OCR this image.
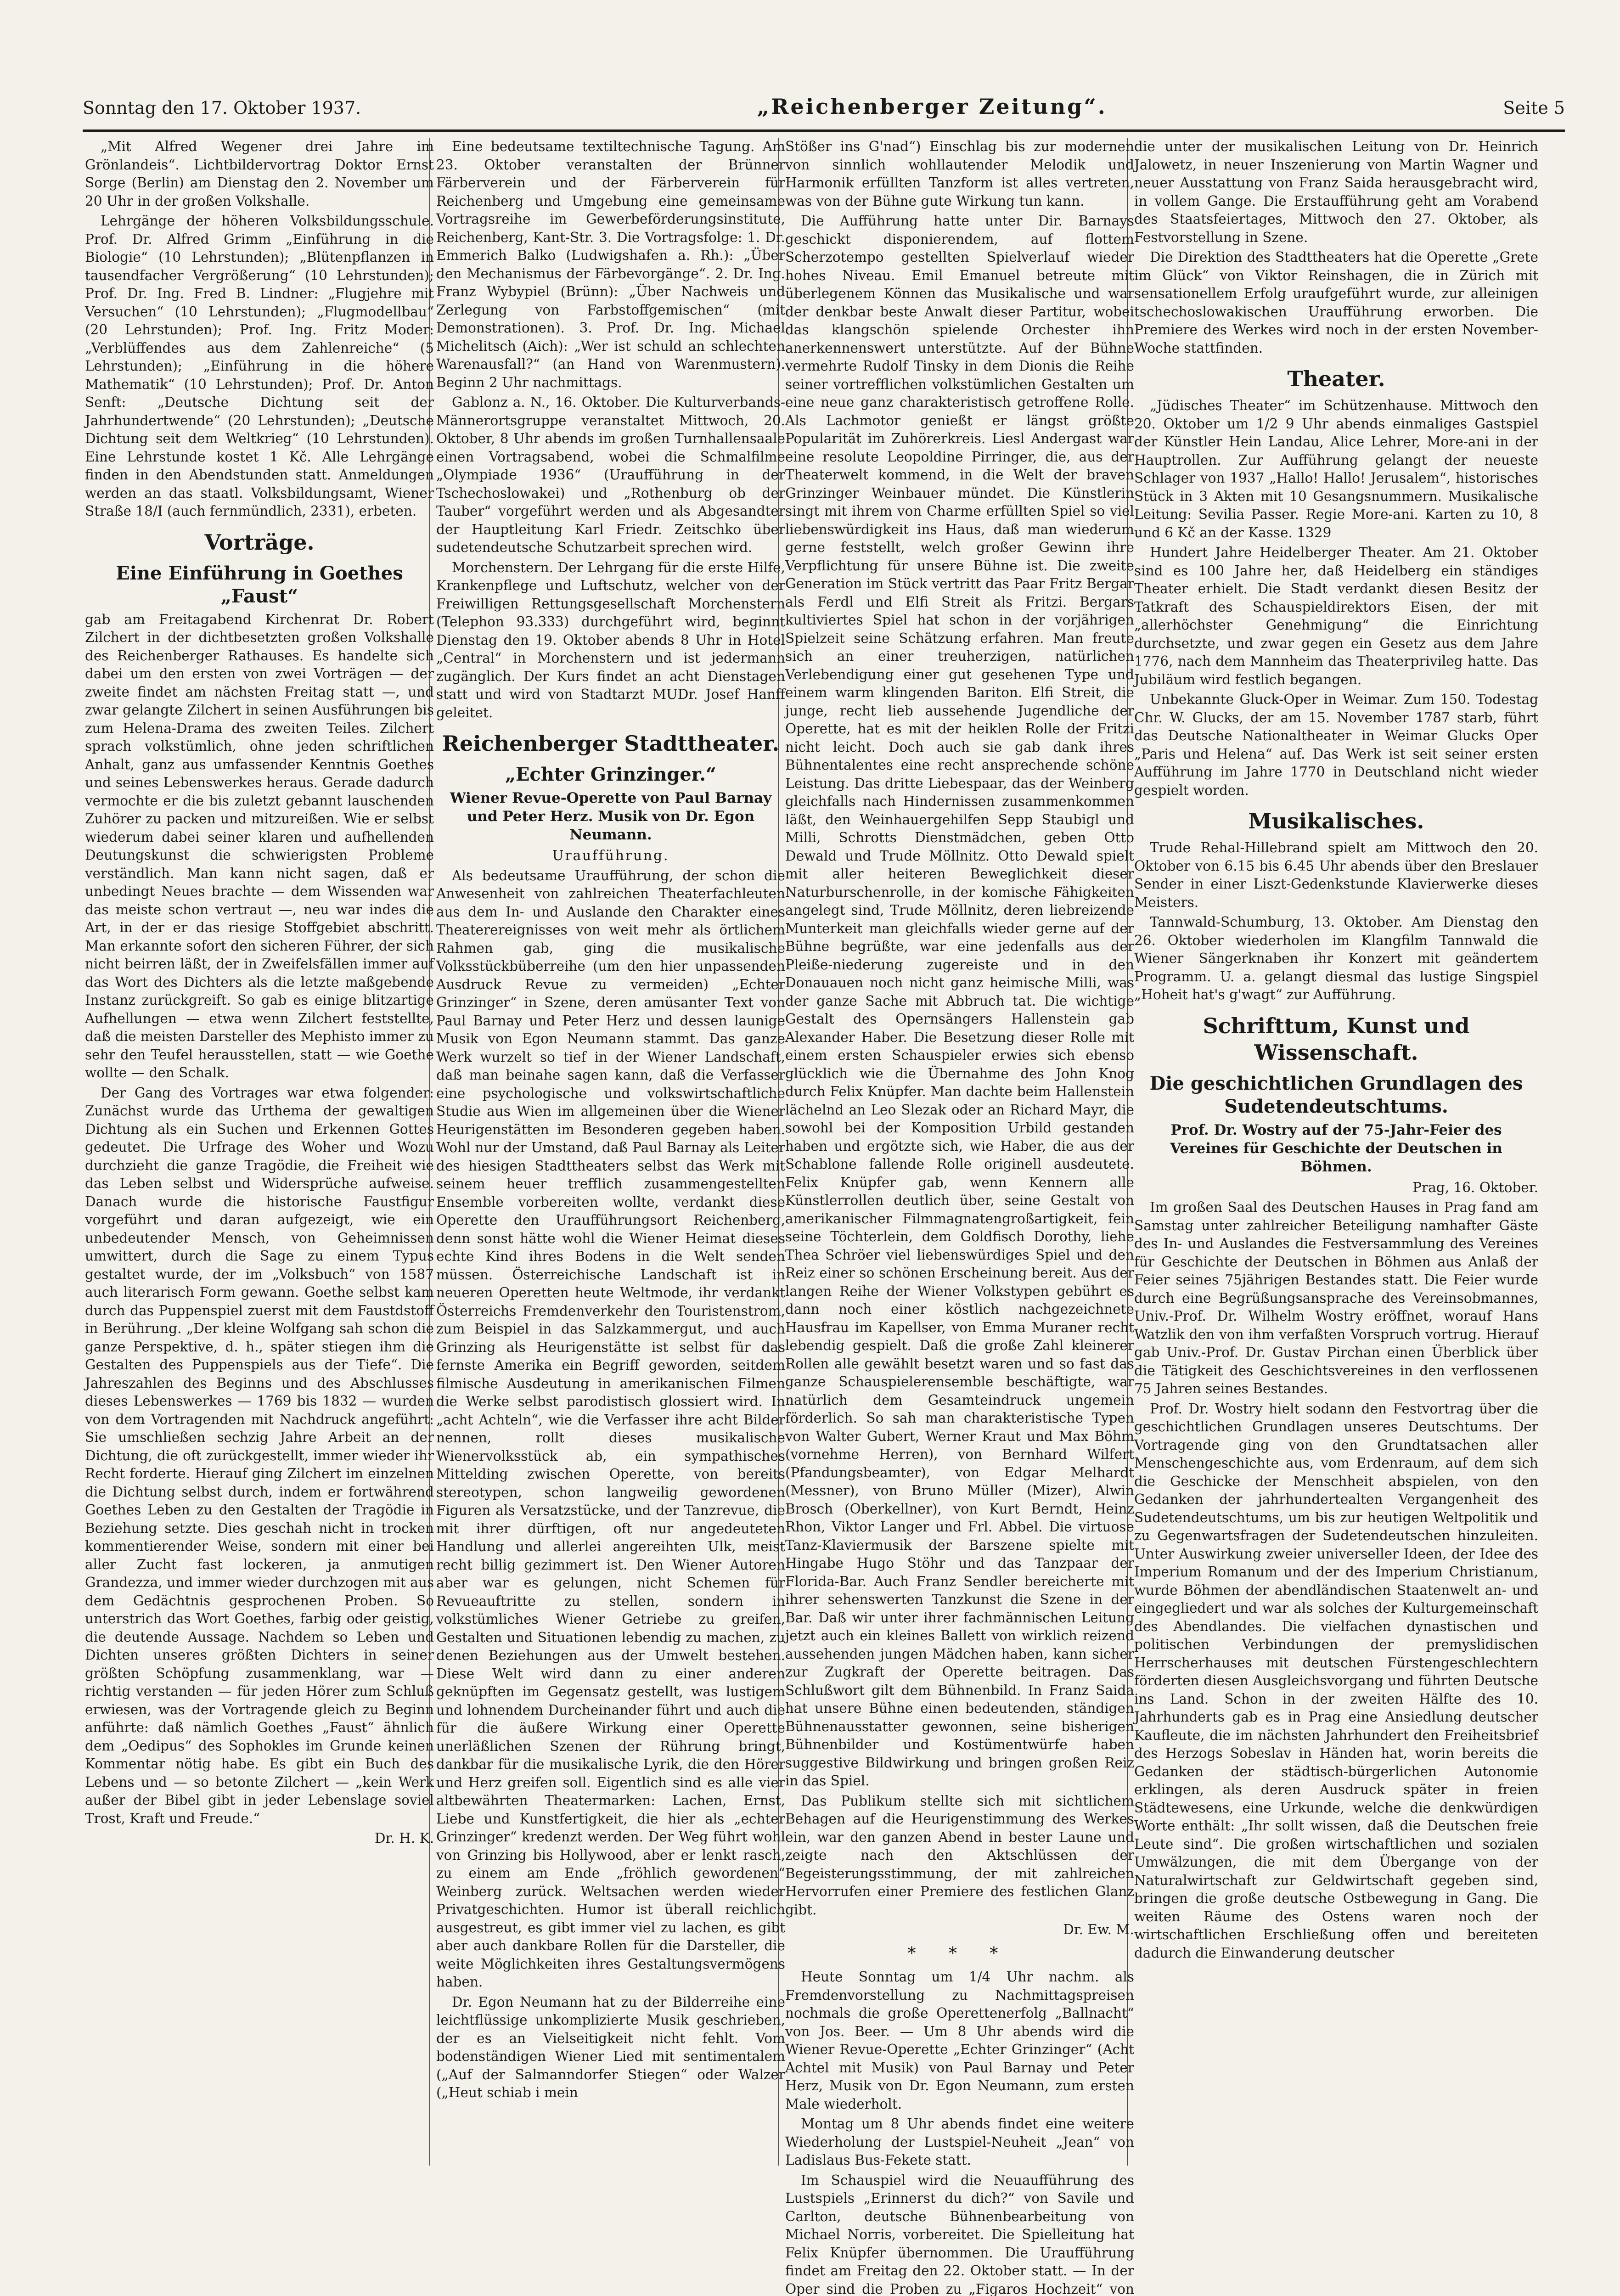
Sonntag den 17. Oktober 1937.	„Reichenberger Zeitung“.	Seite 5

„Mit Alfred Wegener drei Jahre im Grönlandeis“. Lichtbildervortrag Doktor Ernst Sorge (Berlin) am Dienstag den 2. November um 20 Uhr in der großen Volkshalle.

Lehrgänge der höheren Volksbildungsschule. Prof. Dr. Alfred Grimm „Einführung in die Biologie“ (10 Lehrstunden); „Blütenpflanzen in tausendfacher Vergrößerung“ (10 Lehrstunden); Prof. Dr. Ing. Fred B. Lindner: „Flugjehre mit Versuchen“ (10 Lehrstunden); „Flugmodellbau“ (20 Lehrstunden); Prof. Ing. Fritz Moder: „Verblüffendes aus dem Zahlenreiche“ (5 Lehrstunden); „Einführung in die höhere Mathematik“ (10 Lehrstunden); Prof. Dr. Anton Senft: „Deutsche Dichtung seit der Jahrhundertwende“ (20 Lehrstunden); „Deutsche Dichtung seit dem Weltkrieg“ (10 Lehrstunden). Eine Lehrstunde kostet 1 Kč. Alle Lehrgänge finden in den Abendstunden statt. Anmeldungen werden an das staatl. Volksbildungsamt, Wiener Straße 18/I (auch fernmündlich, 2331), erbeten.

Vorträge.
Eine Einführung in Goethes „Faust“

gab am Freitagabend Kirchenrat Dr. Robert Zilchert in der dichtbesetzten großen Volkshalle des Reichenberger Rathauses. Es handelte sich dabei um den ersten von zwei Vorträgen — der zweite findet am nächsten Freitag statt —, und zwar gelangte Zilchert in seinen Ausführungen bis zum Helena-Drama des zweiten Teiles. Zilchert sprach volkstümlich, ohne jeden schriftlichen Anhalt, ganz aus umfassender Kenntnis Goethes und seines Lebenswerkes heraus. Gerade dadurch vermochte er die bis zuletzt gebannt lauschenden Zuhörer zu packen und mitzureißen. Wie er selbst wiederum dabei seiner klaren und aufhellenden Deutungskunst die schwierigsten Probleme verständlich. Man kann nicht sagen, daß er unbedingt Neues brachte — dem Wissenden war das meiste schon vertraut —, neu war indes die Art, in der er das riesige Stoffgebiet abschritt. Man erkannte sofort den sicheren Führer, der sich nicht beirren läßt, der in Zweifelsfällen immer auf das Wort des Dichters als die letzte maßgebende Instanz zurückgreift. So gab es einige blitzartige Aufhellungen — etwa wenn Zilchert feststellte, daß die meisten Darsteller des Mephisto immer zu sehr den Teufel herausstellen, statt — wie Goethe wollte — den Schalk.

Der Gang des Vortrages war etwa folgender: Zunächst wurde das Urthema der gewaltigen Dichtung als ein Suchen und Erkennen Gottes gedeutet. Die Urfrage des Woher und Wozu durchzieht die ganze Tragödie, die Freiheit wie das Leben selbst und Widersprüche aufweise. Danach wurde die historische Faustfigur vorgeführt und daran aufgezeigt, wie ein unbedeutender Mensch, von Geheimnissen umwittert, durch die Sage zu einem Typus gestaltet wurde, der im „Volksbuch“ von 1587 auch literarisch Form gewann. Goethe selbst kam durch das Puppenspiel zuerst mit dem Faustdstoff in Berührung. „Der kleine Wolfgang sah schon die ganze Perspektive, d. h., später stiegen ihm die Gestalten des Puppenspiels aus der Tiefe“. Die Jahreszahlen des Beginns und des Abschlusses dieses Lebenswerkes — 1769 bis 1832 — wurden von dem Vortragenden mit Nachdruck angeführt: Sie umschließen sechzig Jahre Arbeit an der Dichtung, die oft zurückgestellt, immer wieder ihr Recht forderte. Hierauf ging Zilchert im einzelnen die Dichtung selbst durch, indem er fortwährend Goethes Leben zu den Gestalten der Tragödie in Beziehung setzte. Dies geschah nicht in trocken kommentierender Weise, sondern mit einer bei aller Zucht fast lockeren, ja anmutigen Grandezza, und immer wieder durchzogen mit aus dem Gedächtnis gesprochenen Proben. So unterstrich das Wort Goethes, farbig oder geistig, die deutende Aussage. Nachdem so Leben und Dichten unseres größten Dichters in seiner größten Schöpfung zusammenklang, war — richtig verstanden — für jeden Hörer zum Schluß erwiesen, was der Vortragende gleich zu Beginn anführte: daß nämlich Goethes „Faust“ ähnlich dem „Oedipus“ des Sophokles im Grunde keinen Kommentar nötig habe. Es gibt ein Buch des Lebens und — so betonte Zilchert — „kein Werk außer der Bibel gibt in jeder Lebenslage soviel Trost, Kraft und Freude.“

Dr. H. K.

Eine bedeutsame textiltechnische Tagung. Am 23. Oktober veranstalten der Brünner Färberverein und der Färberverein für Reichenberg und Umgebung eine gemeinsame Vortragsreihe im Gewerbeförderungsinstitute, Reichenberg, Kant-Str. 3. Die Vortragsfolge: 1. Dr. Emmerich Balko (Ludwigshafen a. Rh.): „Über den Mechanismus der Färbevorgänge“. 2. Dr. Ing. Franz Wybypiel (Brünn): „Über Nachweis und Zerlegung von Farbstoffgemischen“ (mit Demonstrationen). 3. Prof. Dr. Ing. Michael Michelitsch (Aich): „Wer ist schuld an schlechten Warenausfall?“ (an Hand von Warenmustern). Beginn 2 Uhr nachmittags.

Gablonz a. N., 16. Oktober. Die Kulturverbands-Männerortsgruppe veranstaltet Mittwoch, 20. Oktober, 8 Uhr abends im großen Turnhallensaale einen Vortragsabend, wobei die Schmalfilme „Olympiade 1936“ (Uraufführung in der Tschechoslowakei) und „Rothenburg ob der Tauber“ vorgeführt werden und als Abgesandter der Hauptleitung Karl Friedr. Zeitschko über sudetendeutsche Schutzarbeit sprechen wird.

Morchenstern. Der Lehrgang für die erste Hilfe, Krankenpflege und Luftschutz, welcher von der Freiwilligen Rettungsgesellschaft Morchenstern (Telephon 93.333) durchgeführt wird, beginnt Dienstag den 19. Oktober abends 8 Uhr in Hotel „Central“ in Morchenstern und ist jedermann zugänglich. Der Kurs findet an acht Dienstagen statt und wird von Stadtarzt MUDr. Josef Hanff geleitet.

Reichenberger Stadttheater.
„Echter Grinzinger.“
Wiener Revue-Operette von Paul Barnay und Peter Herz. Musik von Dr. Egon Neumann.

Uraufführung.

Als bedeutsame Uraufführung, der schon die Anwesenheit von zahlreichen Theaterfachleuten aus dem In- und Auslande den Charakter eines Theaterereignisses von weit mehr als örtlichem Rahmen gab, ging die musikalische Volksstückbüberreihe (um den hier unpassenden Ausdruck Revue zu vermeiden) „Echter Grinzinger“ in Szene, deren amüsanter Text von Paul Barnay und Peter Herz und dessen launige Musik von Egon Neumann stammt. Das ganze Werk wurzelt so tief in der Wiener Landschaft, daß man beinahe sagen kann, daß die Verfasser eine psychologische und volkswirtschaftliche Studie aus Wien im allgemeinen über die Wiener Heurigenstätten im Besonderen gegeben haben. Wohl nur der Umstand, daß Paul Barnay als Leiter des hiesigen Stadttheaters selbst das Werk mit seinem heuer trefflich zusammengestellten Ensemble vorbereiten wollte, verdankt diese Operette den Uraufführungsort Reichenberg, denn sonst hätte wohl die Wiener Heimat dieses echte Kind ihres Bodens in die Welt senden müssen. Österreichische Landschaft ist in neueren Operetten heute Weltmode, ihr verdankt Österreichs Fremdenverkehr den Touristenstrom, zum Beispiel in das Salzkammergut, und auch Grinzing als Heurigenstätte ist selbst für das fernste Amerika ein Begriff geworden, seitdem filmische Ausdeutung in amerikanischen Filmen die Werke selbst parodistisch glossiert wird. In „acht Achteln“, wie die Verfasser ihre acht Bilder nennen, rollt dieses musikalische Wienervolksstück ab, ein sympathisches Mittelding zwischen Operette, von bereits stereotypen, schon langweilig gewordenen Figuren als Versatzstücke, und der Tanzrevue, die mit ihrer dürftigen, oft nur angedeuteten Handlung und allerlei angereihten Ulk, meist recht billig gezimmert ist. Den Wiener Autoren aber war es gelungen, nicht Schemen für Revueauftritte zu stellen, sondern in volkstümliches Wiener Getriebe zu greifen, Gestalten und Situationen lebendig zu machen, zu denen Beziehungen aus der Umwelt bestehen. Diese Welt wird dann zu einer anderen geknüpften im Gegensatz gestellt, was lustigem und lohnendem Durcheinander führt und auch die für die äußere Wirkung einer Operette unerläßlichen Szenen der Rührung bringt, dankbar für die musikalische Lyrik, die den Hörer und Herz greifen soll. Eigentlich sind es alle vier altbewährten Theatermarken: Lachen, Ernst, Liebe und Kunstfertigkeit, die hier als „echter Grinzinger“ kredenzt werden. Der Weg führt wohl von Grinzing bis Hollywood, aber er lenkt rasch, zu einem am Ende „fröhlich gewordenen“ Weinberg zurück. Weltsachen werden wieder Privatgeschichten. Humor ist überall reichlich ausgestreut, es gibt immer viel zu lachen, es gibt aber auch dankbare Rollen für die Darsteller, die weite Möglichkeiten ihres Gestaltungsvermögens haben.

Dr. Egon Neumann hat zu der Bilderreihe eine leichtflüssige unkomplizierte Musik geschrieben, der es an Vielseitigkeit nicht fehlt. Vom bodenständigen Wiener Lied mit sentimentalem („Auf der Salmanndorfer Stiegen“ oder Walzer („Heut schiab i mein

Stößer ins G'nad“) Einschlag bis zur modernen von sinnlich wohllautender Melodik und Harmonik erfüllten Tanzform ist alles vertreten, was von der Bühne gute Wirkung tun kann.

Die Aufführung hatte unter Dir. Barnays geschickt disponierendem, auf flottem Scherzotempo gestellten Spielverlauf wieder hohes Niveau. Emil Emanuel betreute mit überlegenem Können das Musikalische und war der denkbar beste Anwalt dieser Partitur, wobei das klangschön spielende Orchester ihn anerkennenswert unterstützte. Auf der Bühne vermehrte Rudolf Tinsky in dem Dionis die Reihe seiner vortrefflichen volkstümlichen Gestalten um eine neue ganz charakteristisch getroffene Rolle. Als Lachmotor genießt er längst größte Popularität im Zuhörerkreis. Liesl Andergast war eine resolute Leopoldine Pirringer, die, aus der Theaterwelt kommend, in die Welt der braven Grinzinger Weinbauer mündet. Die Künstlerin singt mit ihrem von Charme erfüllten Spiel so viel liebenswürdigkeit ins Haus, daß man wiederum gerne feststellt, welch großer Gewinn ihre Verpflichtung für unsere Bühne ist. Die zweite Generation im Stück vertritt das Paar Fritz Bergar als Ferdl und Elfi Streit als Fritzi. Bergars kultiviertes Spiel hat schon in der vorjährigen Spielzeit seine Schätzung erfahren. Man freute sich an einer treuherzigen, natürlichen Verlebendigung einer gut gesehenen Type und einem warm klingenden Bariton. Elfi Streit, die junge, recht lieb aussehende Jugendliche der Operette, hat es mit der heiklen Rolle der Fritzi nicht leicht. Doch auch sie gab dank ihres Bühnentalentes eine recht ansprechende schöne Leistung. Das dritte Liebespaar, das der Weinberg gleichfalls nach Hindernissen zusammenkommen läßt, den Weinhauergehilfen Sepp Staubigl und Milli, Schrotts Dienstmädchen, geben Otto Dewald und Trude Möllnitz. Otto Dewald spielt mit aller heiteren Beweglichkeit dieser Naturburschenrolle, in der komische Fähigkeiten angelegt sind, Trude Möllnitz, deren liebreizende Munterkeit man gleichfalls wieder gerne auf der Bühne begrüßte, war eine jedenfalls aus der Pleiße-niederung zugereiste und in den Donauauen noch nicht ganz heimische Milli, was der ganze Sache mit Abbruch tat. Die wichtige Gestalt des Opernsängers Hallenstein gab Alexander Haber. Die Besetzung dieser Rolle mit einem ersten Schauspieler erwies sich ebenso glücklich wie die Übernahme des John Knog durch Felix Knüpfer. Man dachte beim Hallenstein lächelnd an Leo Slezak oder an Richard Mayr, die sowohl bei der Komposition Urbild gestanden haben und ergötzte sich, wie Haber, die aus der Schablone fallende Rolle originell ausdeutete. Felix Knüpfer gab, wenn Kennern alle Künstlerrollen deutlich über, seine Gestalt von amerikanischer Filmmagnatengroßartigkeit, fein seine Töchterlein, dem Goldfisch Dorothy, liehe Thea Schröer viel liebenswürdiges Spiel und den Reiz einer so schönen Erscheinung bereit. Aus der langen Reihe der Wiener Volkstypen gebührt es dann noch einer köstlich nachgezeichnete Hausfrau im Kapellser, von Emma Muraner recht lebendig gespielt. Daß die große Zahl kleinerer Rollen alle gewählt besetzt waren und so fast das ganze Schauspielerensemble beschäftigte, war natürlich dem Gesamteindruck ungemein förderlich. So sah man charakteristische Typen von Walter Gubert, Werner Kraut und Max Böhm (vornehme Herren), von Bernhard Wilfert (Pfandungsbeamter), von Edgar Melhardt (Messner), von Bruno Müller (Mizer), Alwin Brosch (Oberkellner), von Kurt Berndt, Heinz Rhon, Viktor Langer und Frl. Abbel. Die virtuose Tanz-Klaviermusik der Barszene spielte mit Hingabe Hugo Stöhr und das Tanzpaar der Florida-Bar. Auch Franz Sendler bereicherte mit ihrer sehenswerten Tanzkunst die Szene in der Bar. Daß wir unter ihrer fachmännischen Leitung jetzt auch ein kleines Ballett von wirklich reizend aussehenden jungen Mädchen haben, kann sicher zur Zugkraft der Operette beitragen. Das Schlußwort gilt dem Bühnenbild. In Franz Saida hat unsere Bühne einen bedeutenden, ständigen Bühnenausstatter gewonnen, seine bisherigen Bühnenbilder und Kostümentwürfe haben suggestive Bildwirkung und bringen großen Reiz in das Spiel.

Das Publikum stellte sich mit sichtlichem Behagen auf die Heurigenstimmung des Werkes ein, war den ganzen Abend in bester Laune und zeigte nach den Aktschlüssen der Begeisterungsstimmung, der mit zahlreichen Hervorrufen einer Premiere des festlichen Glanz gibt.

Dr. Ew. M.

* * *

Heute Sonntag um 1/4 Uhr nachm. als Fremdenvorstellung zu Nachmittagspreisen nochmals die große Operettenerfolg „Ballnacht“ von Jos. Beer. — Um 8 Uhr abends wird die Wiener Revue-Operette „Echter Grinzinger“ (Acht Achtel mit Musik) von Paul Barnay und Peter Herz, Musik von Dr. Egon Neumann, zum ersten Male wiederholt.

Montag um 8 Uhr abends findet eine weitere Wiederholung der Lustspiel-Neuheit „Jean“ von Ladislaus Bus-Fekete statt.

Im Schauspiel wird die Neuaufführung des Lustspiels „Erinnerst du dich?“ von Savile und Carlton, deutsche Bühnenbearbeitung von Michael Norris, vorbereitet. Die Spielleitung hat Felix Knüpfer übernommen. Die Uraufführung findet am Freitag den 22. Oktober statt. — In der Oper sind die Proben zu „Figaros Hochzeit“ von

die unter der musikalischen Leitung von Dr. Heinrich Jalowetz, in neuer Inszenierung von Martin Wagner und neuer Ausstattung von Franz Saida herausgebracht wird, in vollem Gange. Die Erstaufführung geht am Vorabend des Staatsfeiertages, Mittwoch den 27. Oktober, als Festvorstellung in Szene.

Die Direktion des Stadttheaters hat die Operette „Grete im Glück“ von Viktor Reinshagen, die in Zürich mit sensationellem Erfolg uraufgeführt wurde, zur alleinigen tschechoslowakischen Uraufführung erworben. Die Premiere des Werkes wird noch in der ersten November-Woche stattfinden.

Theater.

„Jüdisches Theater“ im Schützenhause. Mittwoch den 20. Oktober um 1/2 9 Uhr abends einmaliges Gastspiel der Künstler Hein Landau, Alice Lehrer, More-ani in der Hauptrollen. Zur Aufführung gelangt der neueste Schlager von 1937 „Hallo! Hallo! Jerusalem“, historisches Stück in 3 Akten mit 10 Gesangsnummern. Musikalische Leitung: Sevilia Passer. Regie More-ani. Karten zu 10, 8 und 6 Kč an der Kasse. 1329

Hundert Jahre Heidelberger Theater. Am 21. Oktober sind es 100 Jahre her, daß Heidelberg ein ständiges Theater erhielt. Die Stadt verdankt diesen Besitz der Tatkraft des Schauspieldirektors Eisen, der mit „allerhöchster Genehmigung“ die Einrichtung durchsetzte, und zwar gegen ein Gesetz aus dem Jahre 1776, nach dem Mannheim das Theaterprivileg hatte. Das Jubiläum wird festlich begangen.

Unbekannte Gluck-Oper in Weimar. Zum 150. Todestag Chr. W. Glucks, der am 15. November 1787 starb, führt das Deutsche Nationaltheater in Weimar Glucks Oper „Paris und Helena“ auf. Das Werk ist seit seiner ersten Aufführung im Jahre 1770 in Deutschland nicht wieder gespielt worden.

Musikalisches.

Trude Rehal-Hillebrand spielt am Mittwoch den 20. Oktober von 6.15 bis 6.45 Uhr abends über den Breslauer Sender in einer Liszt-Gedenkstunde Klavierwerke dieses Meisters.

Tannwald-Schumburg, 13. Oktober. Am Dienstag den 26. Oktober wiederholen im Klangfilm Tannwald die Wiener Sängerknaben ihr Konzert mit geändertem Programm. U. a. gelangt diesmal das lustige Singspiel „Hoheit hat's g'wagt“ zur Aufführung.

Schrifttum, Kunst und Wissenschaft.
Die geschichtlichen Grundlagen des Sudetendeutschtums.
Prof. Dr. Wostry auf der 75-Jahr-Feier des Vereines für Geschichte der Deutschen in Böhmen.

Prag, 16. Oktober.

Im großen Saal des Deutschen Hauses in Prag fand am Samstag unter zahlreicher Beteiligung namhafter Gäste des In- und Auslandes die Festversammlung des Vereines für Geschichte der Deutschen in Böhmen aus Anlaß der Feier seines 75jährigen Bestandes statt. Die Feier wurde durch eine Begrüßungsansprache des Vereinsobmannes, Univ.-Prof. Dr. Wilhelm Wostry eröffnet, worauf Hans Watzlik den von ihm verfaßten Vorspruch vortrug. Hierauf gab Univ.-Prof. Dr. Gustav Pirchan einen Überblick über die Tätigkeit des Geschichtsvereines in den verflossenen 75 Jahren seines Bestandes.

Prof. Dr. Wostry hielt sodann den Festvortrag über die geschichtlichen Grundlagen unseres Deutschtums. Der Vortragende ging von den Grundtatsachen aller Menschengeschichte aus, vom Erdenraum, auf dem sich die Geschicke der Menschheit abspielen, von den Gedanken der jahrhundertealten Vergangenheit des Sudetendeutschtums, um bis zur heutigen Weltpolitik und zu Gegenwartsfragen der Sudetendeutschen hinzuleiten. Unter Auswirkung zweier universeller Ideen, der Idee des Imperium Romanum und der des Imperium Christianum, wurde Böhmen der abendländischen Staatenwelt an- und eingegliedert und war als solches der Kulturgemeinschaft des Abendlandes. Die vielfachen dynastischen und politischen Verbindungen der premyslidischen Herrscherhauses mit deutschen Fürstengeschlechtern förderten diesen Ausgleichsvorgang und führten Deutsche ins Land. Schon in der zweiten Hälfte des 10. Jahrhunderts gab es in Prag eine Ansiedlung deutscher Kaufleute, die im nächsten Jahrhundert den Freiheitsbrief des Herzogs Sobeslav in Händen hat, worin bereits die Gedanken der städtisch-bürgerlichen Autonomie erklingen, als deren Ausdruck später in freien Städtewesens, eine Urkunde, welche die denkwürdigen Worte enthält: „Ihr sollt wissen, daß die Deutschen freie Leute sind“. Die großen wirtschaftlichen und sozialen Umwälzungen, die mit dem Übergange von der Naturalwirtschaft zur Geldwirtschaft gegeben sind, bringen die große deutsche Ostbewegung in Gang. Die weiten Räume des Ostens waren noch der wirtschaftlichen Erschließung offen und bereiteten dadurch die Einwanderung deutscher
